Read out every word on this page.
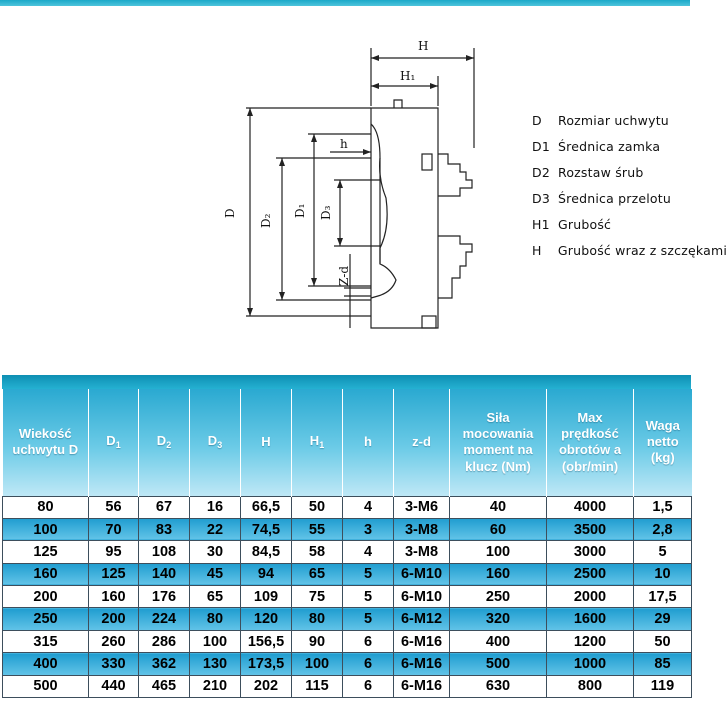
H
H₁
h
D
D₂
D₁ D₃
Z-d
D	Rozmiar uchwytu
D1 Średnica zamka
D2 Rozstaw śrub
D3 Średnica przelotu
H1 Grubość
H	Grubość wraz z szczękami
Wiekość uchwytu D	$D_1$	$D_2$	$D_3$	H	$H_1$	h	z-d	Siła mocowania moment na klucz (Nm)	Max prędkość obrotów a (obr/min)	Waga netto (kg)
80	56	67	16	66,5	50	4	3-M6	40	4000	1,5
100	70	83	22	74,5	55	3	3-M8	60	3500	2,8
125	95	108	30	84,5	58	4	3-M8	100	3000	5
160	125	140	45	94	65	5	6-M10	160	2500	10
200	160	176	65	109	75	5	6-M10	250	2000	17,5
250	200	224	80	120	80	5	6-M12	320	1600	29
315	260	286	100	156,5	90	6	6-M16	400	1200	50
400	330	362	130	173,5	100	6	6-M16	500	1000	85
500	440	465	210	202	115	6	6-M16	630	800	119
